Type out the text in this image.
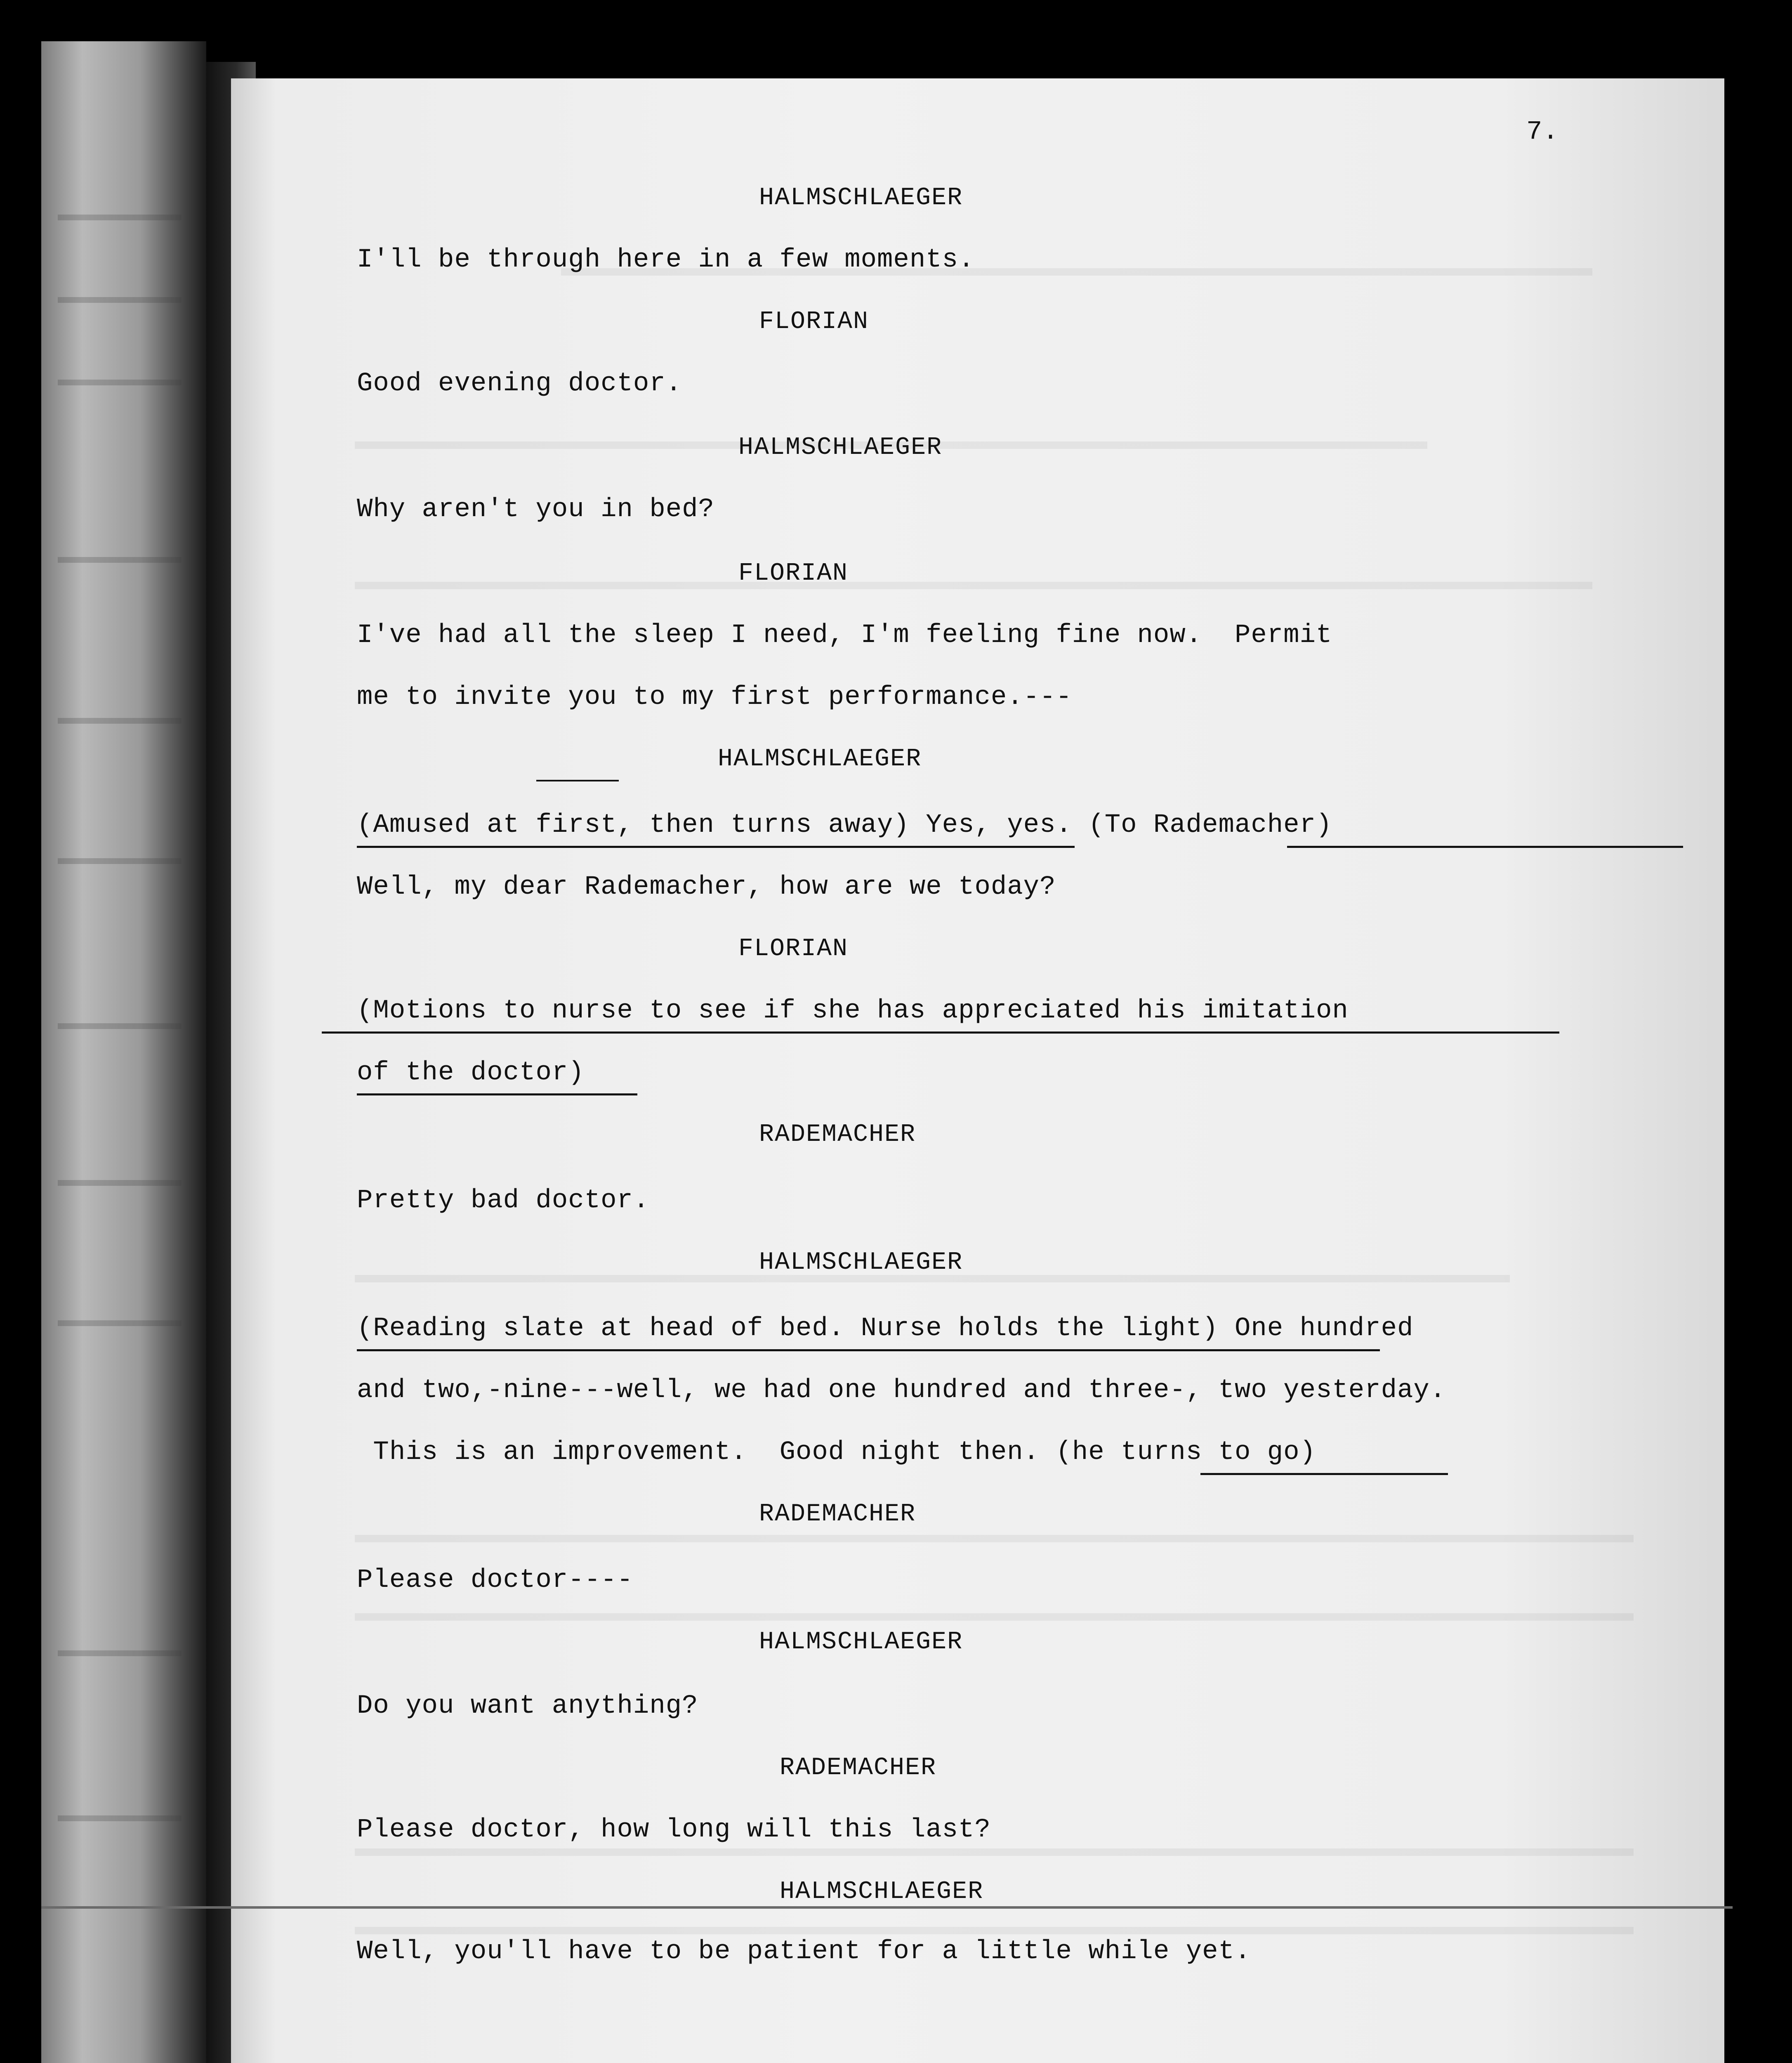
7.

HALMSCHLAEGER

I'll be through here in a few moments.

FLORIAN

Good evening doctor.

HALMSCHLAEGER

Why aren't you in bed?

FLORIAN

I've had all the sleep I need, I'm feeling fine now.  Permit

me to invite you to my first performance.---

HALMSCHLAEGER

(Amused at first, then turns away) Yes, yes. (To Rademacher)

Well, my dear Rademacher, how are we today?

FLORIAN

(Motions to nurse to see if she has appreciated his imitation

of the doctor)

RADEMACHER

Pretty bad doctor.

HALMSCHLAEGER

(Reading slate at head of bed. Nurse holds the light) One hundred

and two,-nine---well, we had one hundred and three-, two yesterday.

This is an improvement.  Good night then. (he turns to go)

RADEMACHER

Please doctor----

HALMSCHLAEGER

Do you want anything?

RADEMACHER

Please doctor, how long will this last?

HALMSCHLAEGER

Well, you'll have to be patient for a little while yet.
